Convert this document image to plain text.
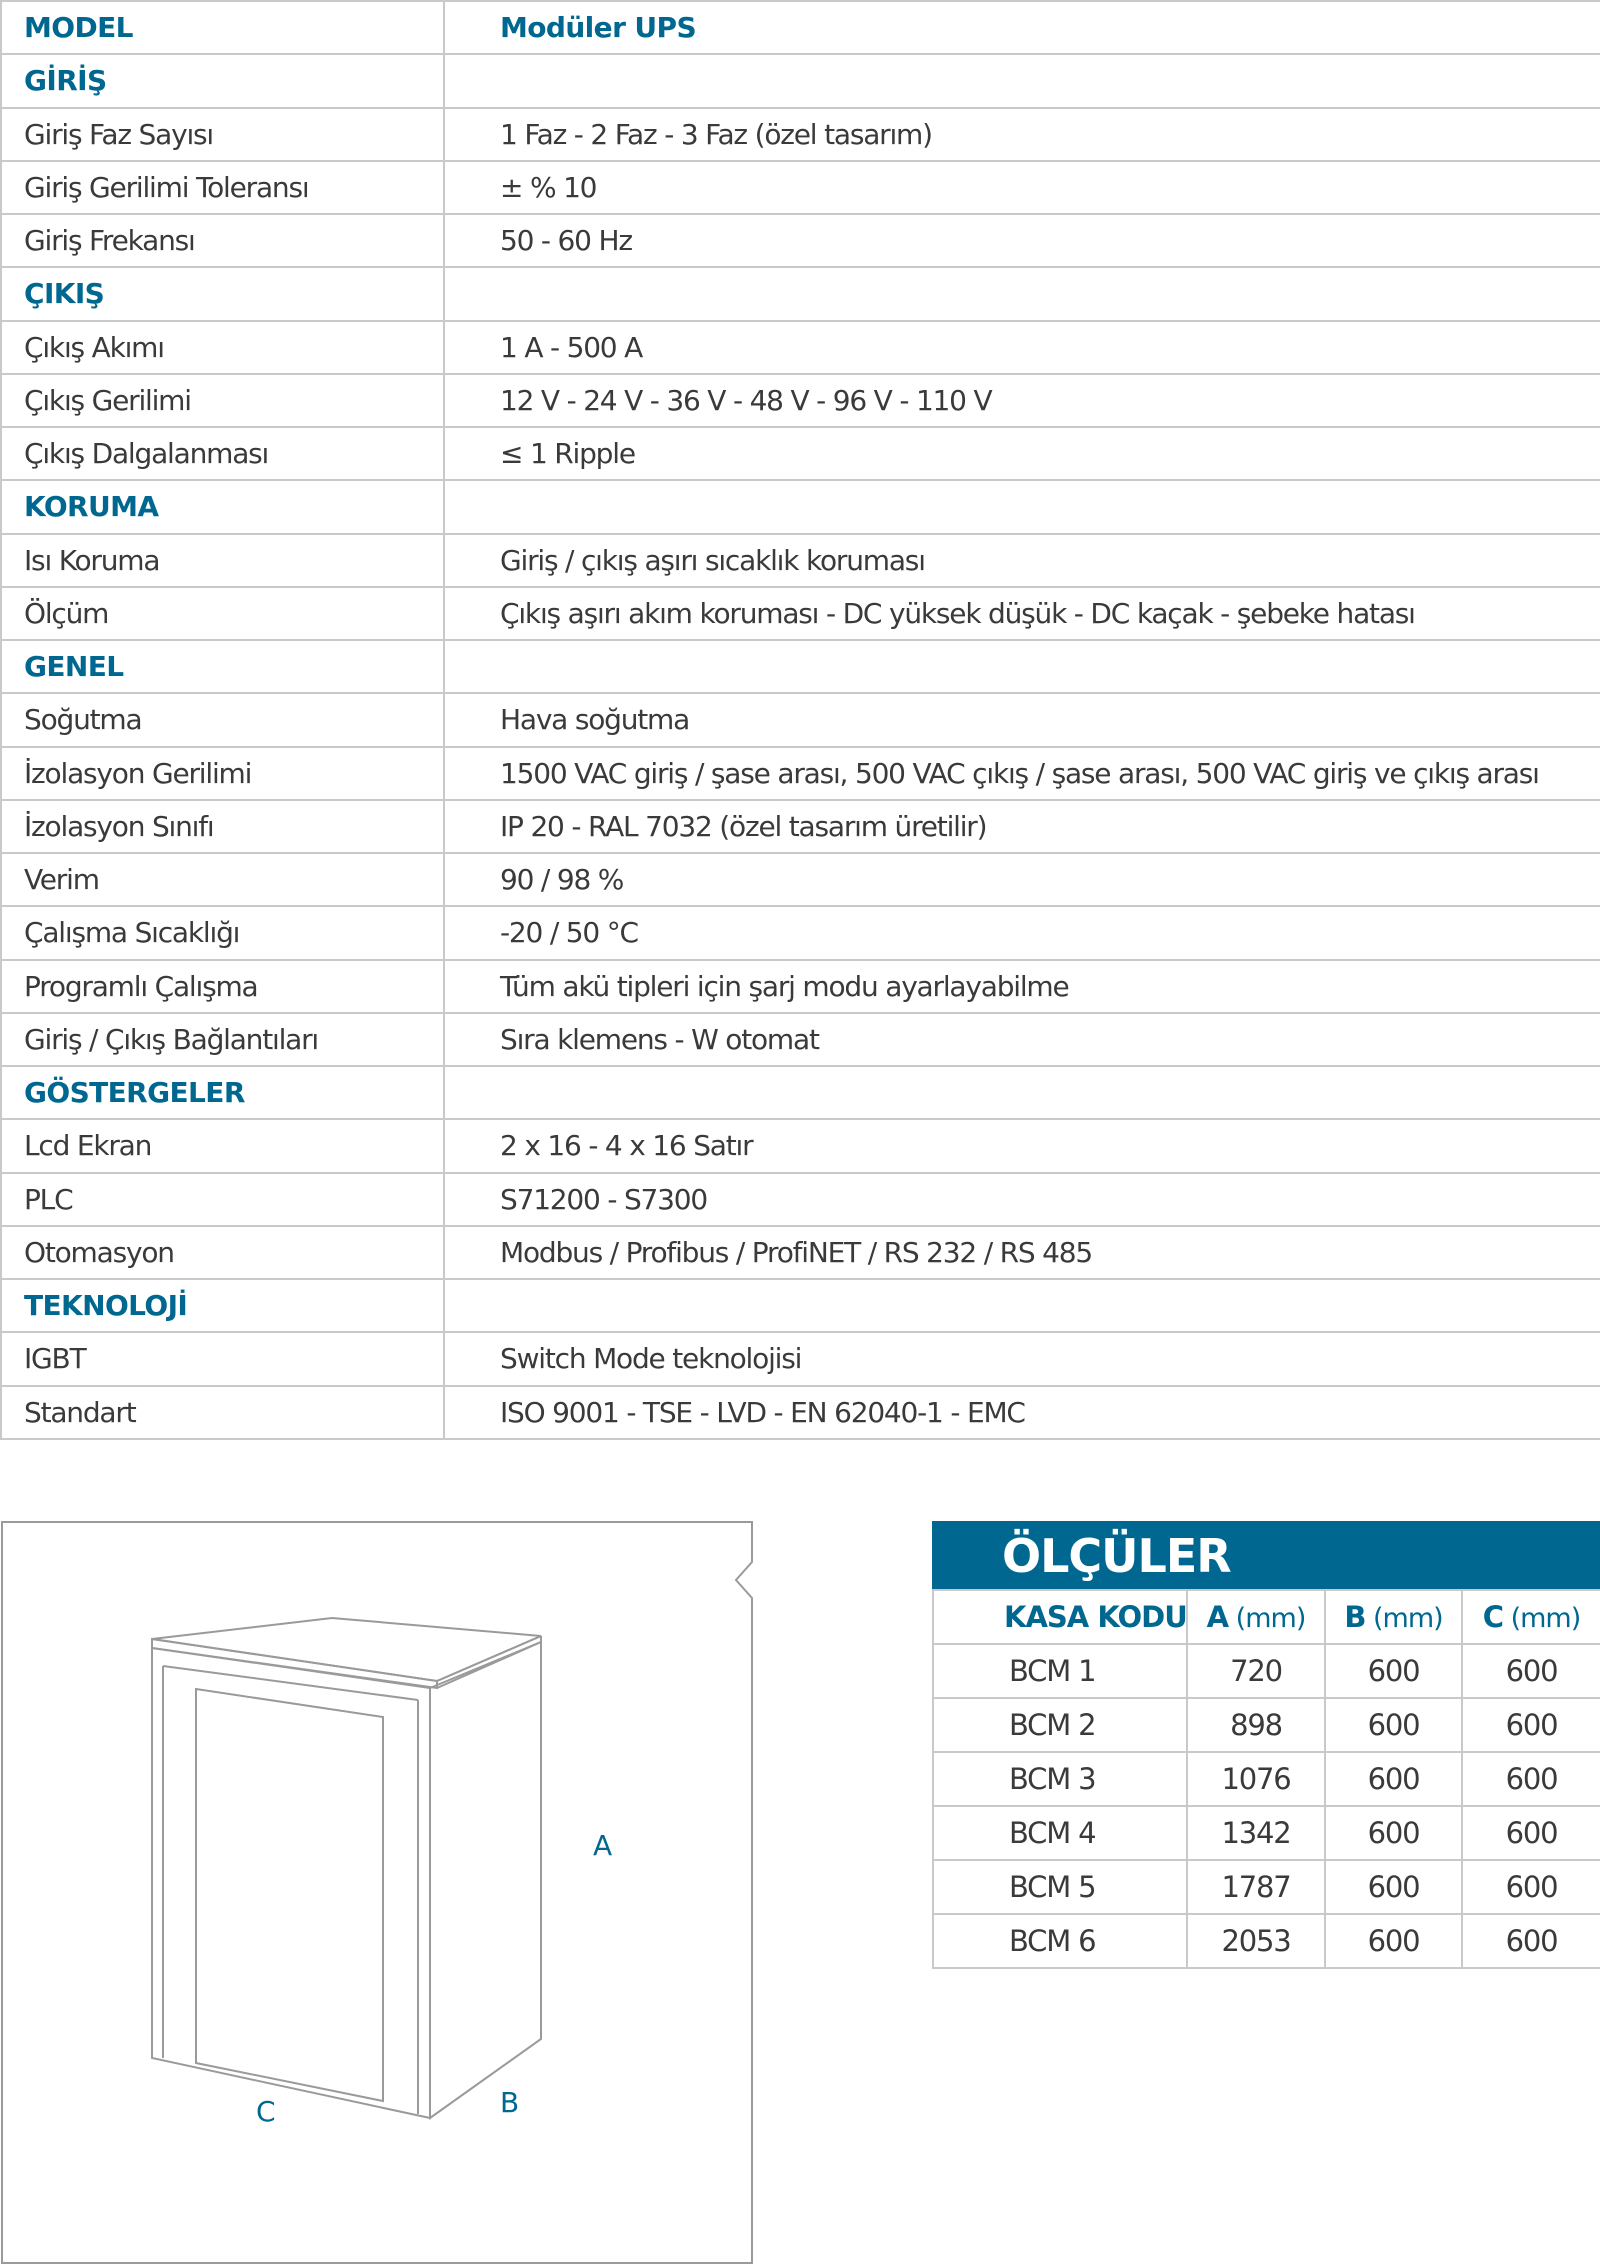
MODEL	Modüler UPS
GİRİŞ	
Giriş Faz Sayısı	1 Faz - 2 Faz - 3 Faz (özel tasarım)
Giriş Gerilimi Toleransı	± % 10
Giriş Frekansı	50 - 60 Hz
ÇIKIŞ	
Çıkış Akımı	1 A - 500 A
Çıkış Gerilimi	12 V - 24 V - 36 V - 48 V - 96 V - 110 V
Çıkış Dalgalanması	≤ 1 Ripple
KORUMA	
Isı Koruma	Giriş / çıkış aşırı sıcaklık koruması
Ölçüm	Çıkış aşırı akım koruması - DC yüksek düşük - DC kaçak - şebeke hatası
GENEL	
Soğutma	Hava soğutma
İzolasyon Gerilimi	1500 VAC giriş / şase arası, 500 VAC çıkış / şase arası, 500 VAC giriş ve çıkış arası
İzolasyon Sınıfı	IP 20 - RAL 7032 (özel tasarım üretilir)
Verim	90 / 98 %
Çalışma Sıcaklığı	-20 / 50 °C
Programlı Çalışma	Tüm akü tipleri için şarj modu ayarlayabilme
Giriş / Çıkış Bağlantıları	Sıra klemens - W otomat
GÖSTERGELER	
Lcd Ekran	2 x 16 - 4 x 16 Satır
PLC	S71200 - S7300
Otomasyon	Modbus / Profibus / ProfiNET / RS 232 / RS 485
TEKNOLOJİ	
IGBT	Switch Mode teknolojisi
Standart	ISO 9001 - TSE - LVD - EN 62040-1 - EMC
A
B
C
ÖLÇÜLER
KASA KODU	A (mm)	B (mm)	C (mm)
BCM 1	720	600	600
BCM 2	898	600	600
BCM 3	1076	600	600
BCM 4	1342	600	600
BCM 5	1787	600	600
BCM 6	2053	600	600
